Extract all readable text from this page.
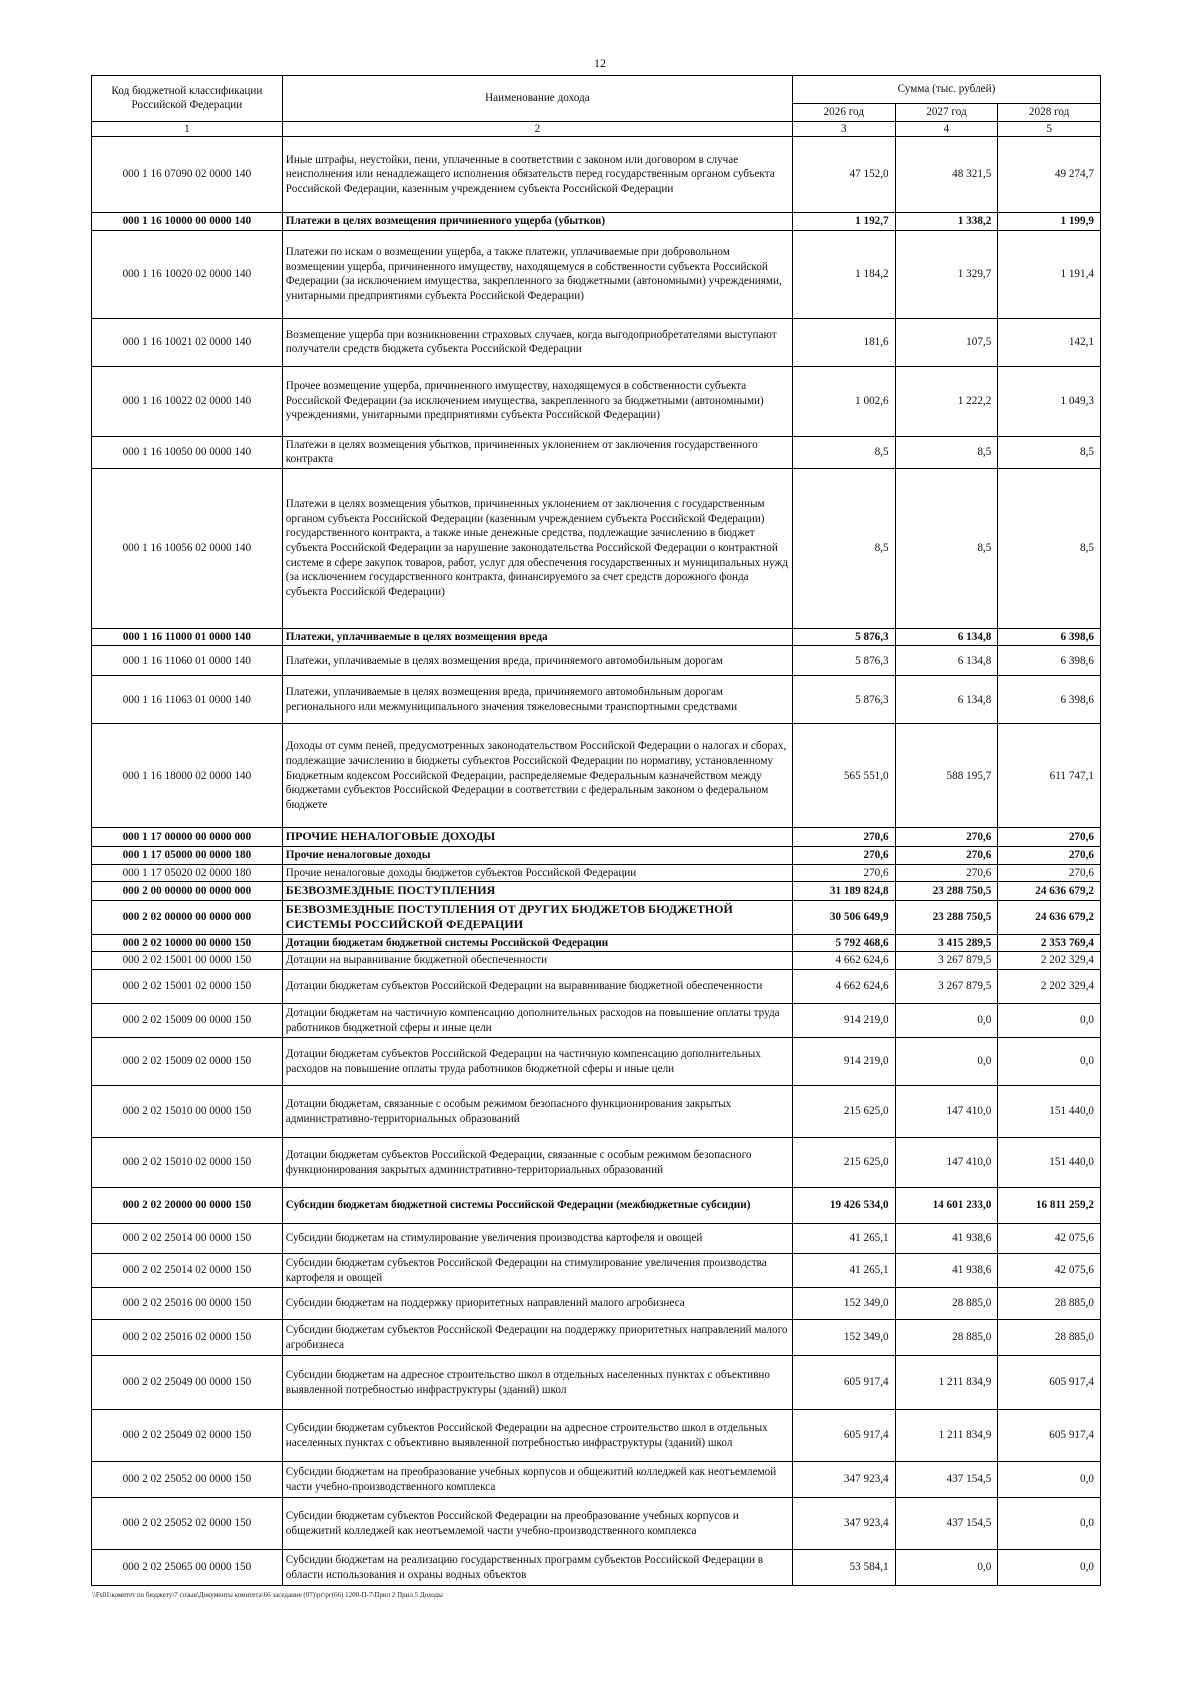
12
Код бюджетной классификации Российской Федерации	Наименование дохода	Сумма (тыс. рублей)		
		2026 год	2027 год	2028 год
1	2	3	4	5
000 1 16 07090 02 0000 140	Иные штрафы, неустойки, пени, уплаченные в соответствии с законом или договором в случае неисполнения или ненадлежащего исполнения обязательств перед государственным органом субъекта Российской Федерации, казенным учреждением субъекта Российской Федерации	47 152,0	48 321,5	49 274,7
000 1 16 10000 00 0000 140	Платежи в целях возмещения причиненного ущерба (убытков)	1 192,7	1 338,2	1 199,9
000 1 16 10020 02 0000 140	Платежи по искам о возмещении ущерба, а также платежи, уплачиваемые при добровольном возмещении ущерба, причиненного имуществу, находящемуся в собственности субъекта Российской Федерации (за исключением имущества, закрепленного за бюджетными (автономными) учреждениями, унитарными предприятиями субъекта Российской Федерации)	1 184,2	1 329,7	1 191,4
000 1 16 10021 02 0000 140	Возмещение ущерба при возникновении страховых случаев, когда выгодоприобретателями выступают получатели средств бюджета субъекта Российской Федерации	181,6	107,5	142,1
000 1 16 10022 02 0000 140	Прочее возмещение ущерба, причиненного имуществу, находящемуся в собственности субъекта Российской Федерации (за исключением имущества, закрепленного за бюджетными (автономными) учреждениями, унитарными предприятиями субъекта Российской Федерации)	1 002,6	1 222,2	1 049,3
000 1 16 10050 00 0000 140	Платежи в целях возмещения убытков, причиненных уклонением от заключения государственного контракта	8,5	8,5	8,5
000 1 16 10056 02 0000 140	Платежи в целях возмещения убытков, причиненных уклонением от заключения с государственным органом субъекта Российской Федерации (казенным учреждением субъекта Российской Федерации) государственного контракта, а также иные денежные средства, подлежащие зачислению в бюджет субъекта Российской Федерации за нарушение законодательства Российской Федерации о контрактной системе в сфере закупок товаров, работ, услуг для обеспечения государственных и муниципальных нужд (за исключением государственного контракта, финансируемого за счет средств дорожного фонда субъекта Российской Федерации)	8,5	8,5	8,5
000 1 16 11000 01 0000 140	Платежи, уплачиваемые в целях возмещения вреда	5 876,3	6 134,8	6 398,6
000 1 16 11060 01 0000 140	Платежи, уплачиваемые в целях возмещения вреда, причиняемого автомобильным дорогам	5 876,3	6 134,8	6 398,6
000 1 16 11063 01 0000 140	Платежи, уплачиваемые в целях возмещения вреда, причиняемого автомобильным дорогам регионального или межмуниципального значения тяжеловесными транспортными средствами	5 876,3	6 134,8	6 398,6
000 1 16 18000 02 0000 140	Доходы от сумм пеней, предусмотренных законодательством Российской Федерации о налогах и сборах, подлежащие зачислению в бюджеты субъектов Российской Федерации по нормативу, установленному Бюджетным кодексом Российской Федерации, распределяемые Федеральным казначейством между бюджетами субъектов Российской Федерации в соответствии с федеральным законом о федеральном бюджете	565 551,0	588 195,7	611 747,1
000 1 17 00000 00 0000 000	ПРОЧИЕ НЕНАЛОГОВЫЕ ДОХОДЫ	270,6	270,6	270,6
000 1 17 05000 00 0000 180	Прочие неналоговые доходы	270,6	270,6	270,6
000 1 17 05020 02 0000 180	Прочие неналоговые доходы бюджетов субъектов Российской Федерации	270,6	270,6	270,6
000 2 00 00000 00 0000 000	БЕЗВОЗМЕЗДНЫЕ ПОСТУПЛЕНИЯ	31 189 824,8	23 288 750,5	24 636 679,2
000 2 02 00000 00 0000 000	БЕЗВОЗМЕЗДНЫЕ ПОСТУПЛЕНИЯ ОТ ДРУГИХ БЮДЖЕТОВ БЮДЖЕТНОЙ СИСТЕМЫ РОССИЙСКОЙ ФЕДЕРАЦИИ	30 506 649,9	23 288 750,5	24 636 679,2
000 2 02 10000 00 0000 150	Дотации бюджетам бюджетной системы Российской Федерации	5 792 468,6	3 415 289,5	2 353 769,4
000 2 02 15001 00 0000 150	Дотации на выравнивание бюджетной обеспеченности	4 662 624,6	3 267 879,5	2 202 329,4
000 2 02 15001 02 0000 150	Дотации бюджетам субъектов Российской Федерации на выравнивание бюджетной обеспеченности	4 662 624,6	3 267 879,5	2 202 329,4
000 2 02 15009 00 0000 150	Дотации бюджетам на частичную компенсацию дополнительных расходов на повышение оплаты труда работников бюджетной сферы и иные цели	914 219,0	0,0	0,0
000 2 02 15009 02 0000 150	Дотации бюджетам субъектов Российской Федерации на частичную компенсацию дополнительных расходов на повышение оплаты труда работников бюджетной сферы и иные цели	914 219,0	0,0	0,0
000 2 02 15010 00 0000 150	Дотации бюджетам, связанные с особым режимом безопасного функционирования закрытых административно-территориальных образований	215 625,0	147 410,0	151 440,0
000 2 02 15010 02 0000 150	Дотации бюджетам субъектов Российской Федерации, связанные с особым режимом безопасного функционирования закрытых административно-территориальных образований	215 625,0	147 410,0	151 440,0
000 2 02 20000 00 0000 150	Субсидии бюджетам бюджетной системы Российской Федерации (межбюджетные субсидии)	19 426 534,0	14 601 233,0	16 811 259,2
000 2 02 25014 00 0000 150	Субсидии бюджетам на стимулирование увеличения производства картофеля и овощей	41 265,1	41 938,6	42 075,6
000 2 02 25014 02 0000 150	Субсидии бюджетам субъектов Российской Федерации на стимулирование увеличения производства картофеля и овощей	41 265,1	41 938,6	42 075,6
000 2 02 25016 00 0000 150	Субсидии бюджетам на поддержку приоритетных направлений малого агробизнеса	152 349,0	28 885,0	28 885,0
000 2 02 25016 02 0000 150	Субсидии бюджетам субъектов Российской Федерации на поддержку приоритетных направлений малого агробизнеса	152 349,0	28 885,0	28 885,0
000 2 02 25049 00 0000 150	Субсидии бюджетам на адресное строительство школ в отдельных населенных пунктах с объективно выявленной потребностью инфраструктуры (зданий) школ	605 917,4	1 211 834,9	605 917,4
000 2 02 25049 02 0000 150	Субсидии бюджетам субъектов Российской Федерации на адресное строительство школ в отдельных населенных пунктах с объективно выявленной потребностью инфраструктуры (зданий) школ	605 917,4	1 211 834,9	605 917,4
000 2 02 25052 00 0000 150	Субсидии бюджетам на преобразование учебных корпусов и общежитий колледжей как неотъемлемой части учебно-производственного комплекса	347 923,4	437 154,5	0,0
000 2 02 25052 02 0000 150	Субсидии бюджетам субъектов Российской Федерации на преобразование учебных корпусов и общежитий колледжей как неотъемлемой части учебно-производственного комплекса	347 923,4	437 154,5	0,0
000 2 02 25065 00 0000 150	Субсидии бюджетам на реализацию государственных программ субъектов Российской Федерации в области использования и охраны водных объектов	53 584,1	0,0	0,0
\\Fs01\комитет по бюджету\7 созыв\Документы комитета\66 заседание (07)\рг\рг(66) 1200-П-7\Прил 2 Прил 5 Доходы
